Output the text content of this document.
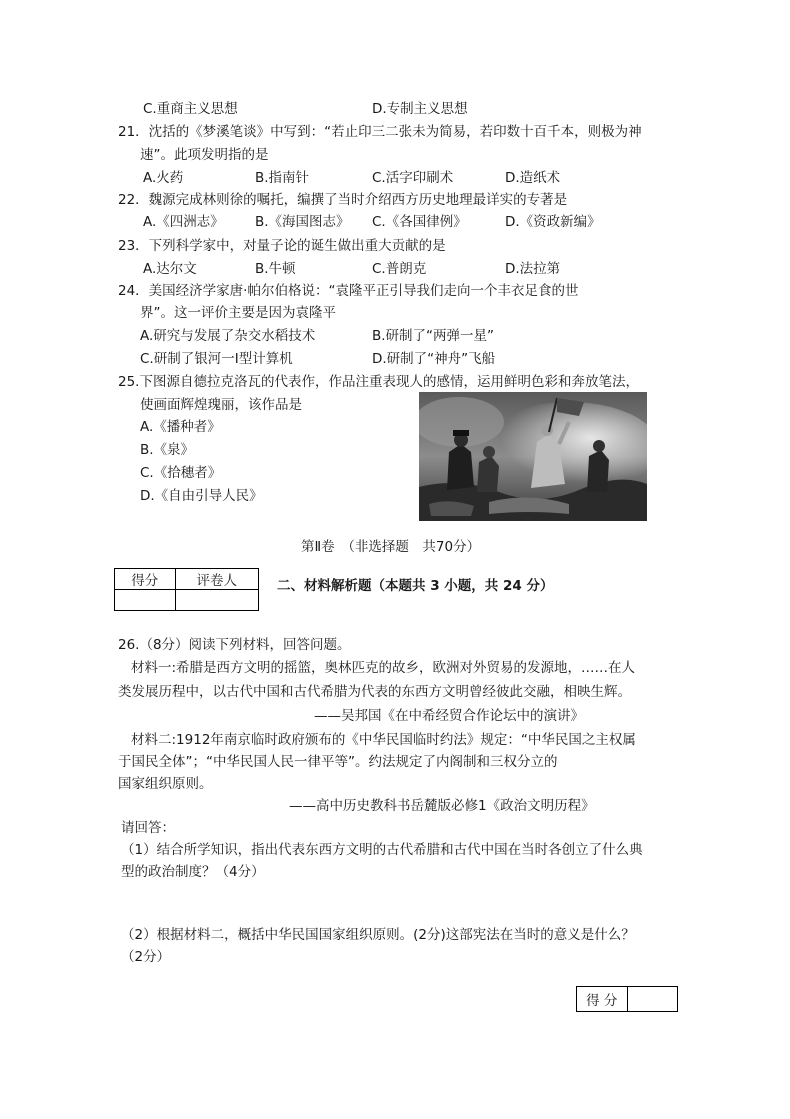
C.重商主义思想	D.专制主义思想
21．沈括的《梦溪笔谈》中写到：“若止印三二张未为简易，若印数十百千本，则极为神
速”。此项发明指的是
A.火药	B.指南针	C.活字印刷术	D.造纸术
22．魏源完成林则徐的嘱托，编撰了当时介绍西方历史地理最详实的专著是
A.《四洲志》 B.《海国图志》 C.《各国律例》	D.《资政新编》
23．下列科学家中，对量子论的诞生做出重大贡献的是
A.达尔文	B.牛顿	C.普朗克	D.法拉第
24．美国经济学家唐·帕尔伯格说：“袁隆平正引导我们走向一个丰衣足食的世
界”。这一评价主要是因为袁隆平
A.研究与发展了杂交水稻技术	B.研制了“两弹一星”
C.研制了银河一Ⅰ型计算机	D.研制了“神舟”飞船
25.下图源自德拉克洛瓦的代表作，作品注重表现人的感情，运用鲜明色彩和奔放笔法，
使画面辉煌瑰丽，该作品是
A.《播种者》
B.《泉》
C.《拾穗者》
D.《自由引导人民》
第Ⅱ卷　（非选择题　共70分）
得分	评卷人
		二、材料解析题（本题共 3 小题，共 24 分）
26.（8分）阅读下列材料，回答问题。
材料一:希腊是西方文明的摇篮，奥林匹克的故乡，欧洲对外贸易的发源地，……在人
类发展历程中，以古代中国和古代希腊为代表的东西方文明曾经彼此交融，相映生辉。
——吴邦国《在中希经贸合作论坛中的演讲》
材料二:1912年南京临时政府颁布的《中华民国临时约法》规定：“中华民国之主权属
于国民全体”；“中华民国人民一律平等”。约法规定了内阁制和三权分立的
国家组织原则。
——高中历史教科书岳麓版必修1《政治文明历程》
请回答：
（1）结合所学知识，指出代表东西方文明的古代希腊和古代中国在当时各创立了什么典
型的政治制度？（4分）
（2）根据材料二，概括中华民国国家组织原则。(2分)这部宪法在当时的意义是什么？
（2分）
得 分	
